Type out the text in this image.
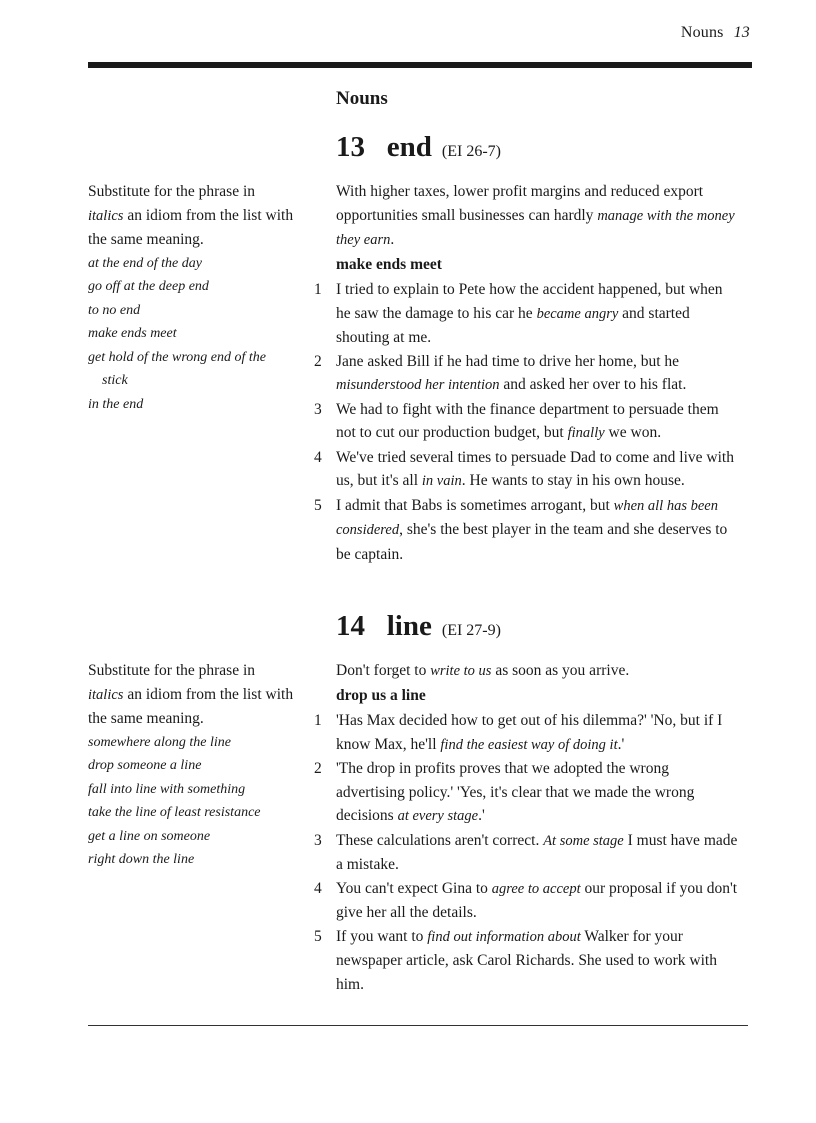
Nouns 13
Nouns
13 end (EI 26-7)
Substitute for the phrase in
italics an idiom from the list with
the same meaning.
at the end of the day
go off at the deep end
to no end
make ends meet
get hold of the wrong end of the
stick
in the end
With higher taxes, lower profit margins and reduced export
opportunities small businesses can hardly manage with the money
they earn.
make ends meet
1 I tried to explain to Pete how the accident happened, but when
he saw the damage to his car he became angry and started
shouting at me.
2 Jane asked Bill if he had time to drive her home, but he
misunderstood her intention and asked her over to his flat.
3 We had to fight with the finance department to persuade them
not to cut our production budget, but finally we won.
4 We've tried several times to persuade Dad to come and live with
us, but it's all in vain. He wants to stay in his own house.
5 I admit that Babs is sometimes arrogant, but when all has been
considered, she's the best player in the team and she deserves to
be captain.
14 line (EI 27-9)
Substitute for the phrase in
italics an idiom from the list with
the same meaning.
somewhere along the line
drop someone a line
fall into line with something
take the line of least resistance
get a line on someone
right down the line
Don't forget to write to us as soon as you arrive.
drop us a line
1 'Has Max decided how to get out of his dilemma?' 'No, but if I
know Max, he'll find the easiest way of doing it.'
2 'The drop in profits proves that we adopted the wrong
advertising policy.' 'Yes, it's clear that we made the wrong
decisions at every stage.'
3 These calculations aren't correct. At some stage I must have made
a mistake.
4 You can't expect Gina to agree to accept our proposal if you don't
give her all the details.
5 If you want to find out information about Walker for your
newspaper article, ask Carol Richards. She used to work with
him.
